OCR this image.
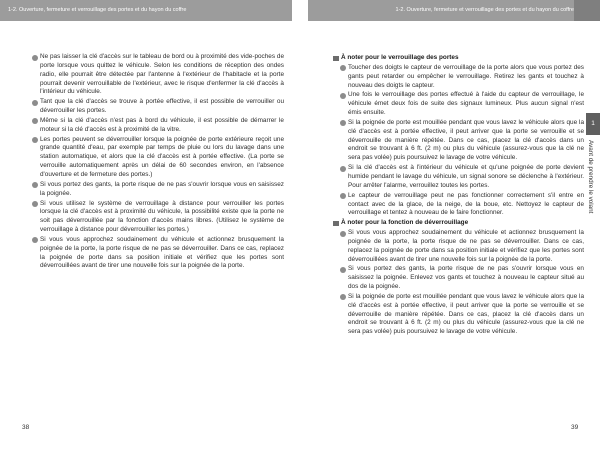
1-2. Ouverture, fermeture et verrouillage des portes et du hayon du coffre	1-2. Ouverture, fermeture et verrouillage des portes et du hayon du coffre
Ne pas laisser la clé d'accès sur le tableau de bord ou à proximité des vide-poches de porte lorsque vous quittez le véhicule. Selon les conditions de réception des ondes radio, elle pourrait être détectée par l'antenne à l'extérieur de l'habitacle et la porte pourrait devenir verrouillable de l'extérieur, avec le risque d'enfermer la clé d'accès à l'intérieur du véhicule.
Tant que la clé d'accès se trouve à portée effective, il est possible de verrouiller ou déverrouiller les portes.
Même si la clé d'accès n'est pas à bord du véhicule, il est possible de démarrer le moteur si la clé d'accès est à proximité de la vitre.
Les portes peuvent se déverrouiller lorsque la poignée de porte extérieure reçoit une grande quantité d'eau, par exemple par temps de pluie ou lors du lavage dans une station automatique, et alors que la clé d'accès est à portée effective. (La porte se verrouille automatiquement après un délai de 60 secondes environ, en l'absence d'ouverture et de fermeture des portes.)
Si vous portez des gants, la porte risque de ne pas s'ouvrir lorsque vous en saisissez la poignée.
Si vous utilisez le système de verrouillage à distance pour verrouiller les portes lorsque la clé d'accès est à proximité du véhicule, la possibilité existe que la porte ne soit pas déverrouillée par la fonction d'accès mains libres. (Utilisez le système de verrouillage à distance pour déverrouiller les portes.)
Si vous vous approchez soudainement du véhicule et actionnez brusquement la poignée de la porte, la porte risque de ne pas se déverrouiller. Dans ce cas, replacez la poignée de porte dans sa position initiale et vérifiez que les portes sont déverrouillées avant de tirer une nouvelle fois sur la poignée de la porte.
À noter pour le verrouillage des portes
Toucher des doigts le capteur de verrouillage de la porte alors que vous portez des gants peut retarder ou empêcher le verrouillage. Retirez les gants et touchez à nouveau des doigts le capteur.
Une fois le verrouillage des portes effectué à l'aide du capteur de verrouillage, le véhicule émet deux fois de suite des signaux lumineux. Plus aucun signal n'est émis ensuite.
Si la poignée de porte est mouillée pendant que vous lavez le véhicule alors que la clé d'accès est à portée effective, il peut arriver que la porte se verrouille et se déverrouille de manière répétée. Dans ce cas, placez la clé d'accès dans un endroit se trouvant à 6 ft. (2 m) ou plus du véhicule (assurez-vous que la clé ne sera pas volée) puis poursuivez le lavage de votre véhicule.
Si la clé d'accès est à l'intérieur du véhicule et qu'une poignée de porte devient humide pendant le lavage du véhicule, un signal sonore se déclenche à l'extérieur. Pour arrêter l'alarme, verrouillez toutes les portes.
Le capteur de verrouillage peut ne pas fonctionner correctement s'il entre en contact avec de la glace, de la neige, de la boue, etc. Nettoyez le capteur de verrouillage et tentez à nouveau de le faire fonctionner.
À noter pour la fonction de déverrouillage
Si vous vous approchez soudainement du véhicule et actionnez brusquement la poignée de la porte, la porte risque de ne pas se déverrouiller. Dans ce cas, replacez la poignée de porte dans sa position initiale et vérifiez que les portes sont déverrouillées avant de tirer une nouvelle fois sur la poignée de la porte.
Si vous portez des gants, la porte risque de ne pas s'ouvrir lorsque vous en saisissez la poignée. Enlevez vos gants et touchez à nouveau le capteur situé au dos de la poignée.
Si la poignée de porte est mouillée pendant que vous lavez le véhicule alors que la clé d'accès est à portée effective, il peut arriver que la porte se verrouille et se déverrouille de manière répétée. Dans ce cas, placez la clé d'accès dans un endroit se trouvant à 6 ft. (2 m) ou plus du véhicule (assurez-vous que la clé ne sera pas volée) puis poursuivez le lavage de votre véhicule.
1
Avant de prendre le volant
38	39
